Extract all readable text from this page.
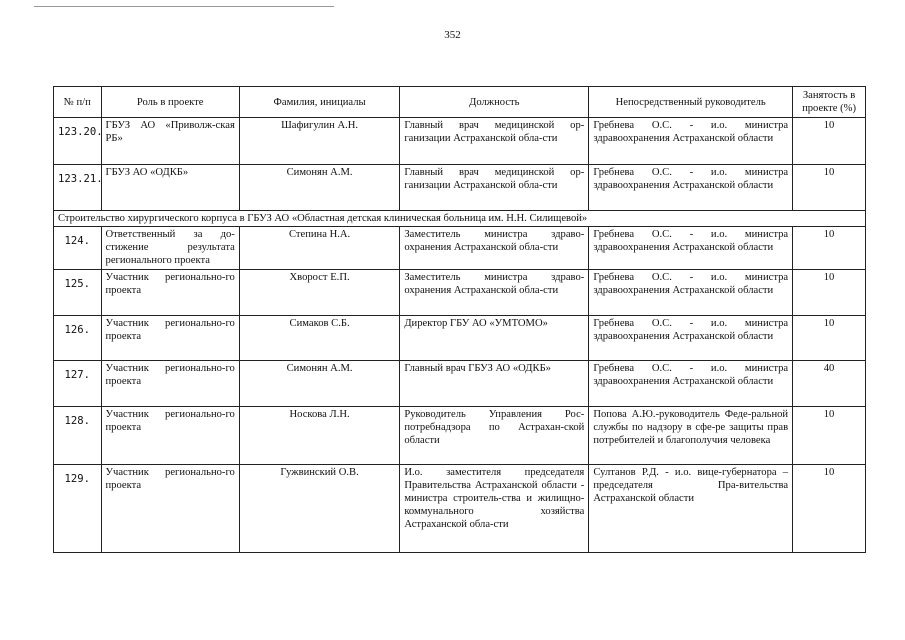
352
№ п/п	Роль в проекте	Фамилия, инициалы	Должность	Непосредственный руководитель	Занятость в проекте (%)
123.20.	ГБУЗ АО «Приволж-ская РБ»	Шафигулин А.Н.	Главный врач медицинской ор-ганизации Астраханской обла-сти	Гребнева О.С. - и.о. министра здравоохранения Астраханской области	10
123.21.	ГБУЗ АО «ОДКБ»	Симонян А.М.	Главный врач медицинской ор-ганизации Астраханской обла-сти	Гребнева О.С. - и.о. министра здравоохранения Астраханской области	10
Строительство хирургического корпуса в ГБУЗ АО «Областная детская клиническая больница им. Н.Н. Силищевой»					
124.	Ответственный за до-стижение результата регионального проекта	Степина Н.А.	Заместитель министра здраво-охранения Астраханской обла-сти	Гребнева О.С. - и.о. министра здравоохранения Астраханской области	10
125.	Участник регионально-го проекта	Хворост Е.П.	Заместитель министра здраво-охранения Астраханской обла-сти	Гребнева О.С. - и.о. министра здравоохранения Астраханской области	10
126.	Участник регионально-го проекта	Симаков С.Б.	Директор ГБУ АО «УМТОМО»	Гребнева О.С. - и.о. министра здравоохранения Астраханской области	10
127.	Участник регионально-го проекта	Симонян А.М.	Главный врач ГБУЗ АО «ОДКБ»	Гребнева О.С. - и.о. министра здравоохранения Астраханской области	40
128.	Участник регионально-го проекта	Носкова Л.Н.	Руководитель Управления Рос-потребнадзора по Астрахан-ской области	Попова А.Ю.-руководитель Феде-ральной службы по надзору в сфе-ре защиты прав потребителей и благополучия человека	10
129.	Участник регионально-го проекта	Гужвинский О.В.	И.о. заместителя председателя Правительства Астраханской области - министра строитель-ства и жилищно-коммунального хозяйства Астраханской обла-сти	Султанов Р.Д. - и.о. вице-губернатора – председателя Пра-вительства Астраханской области	10
